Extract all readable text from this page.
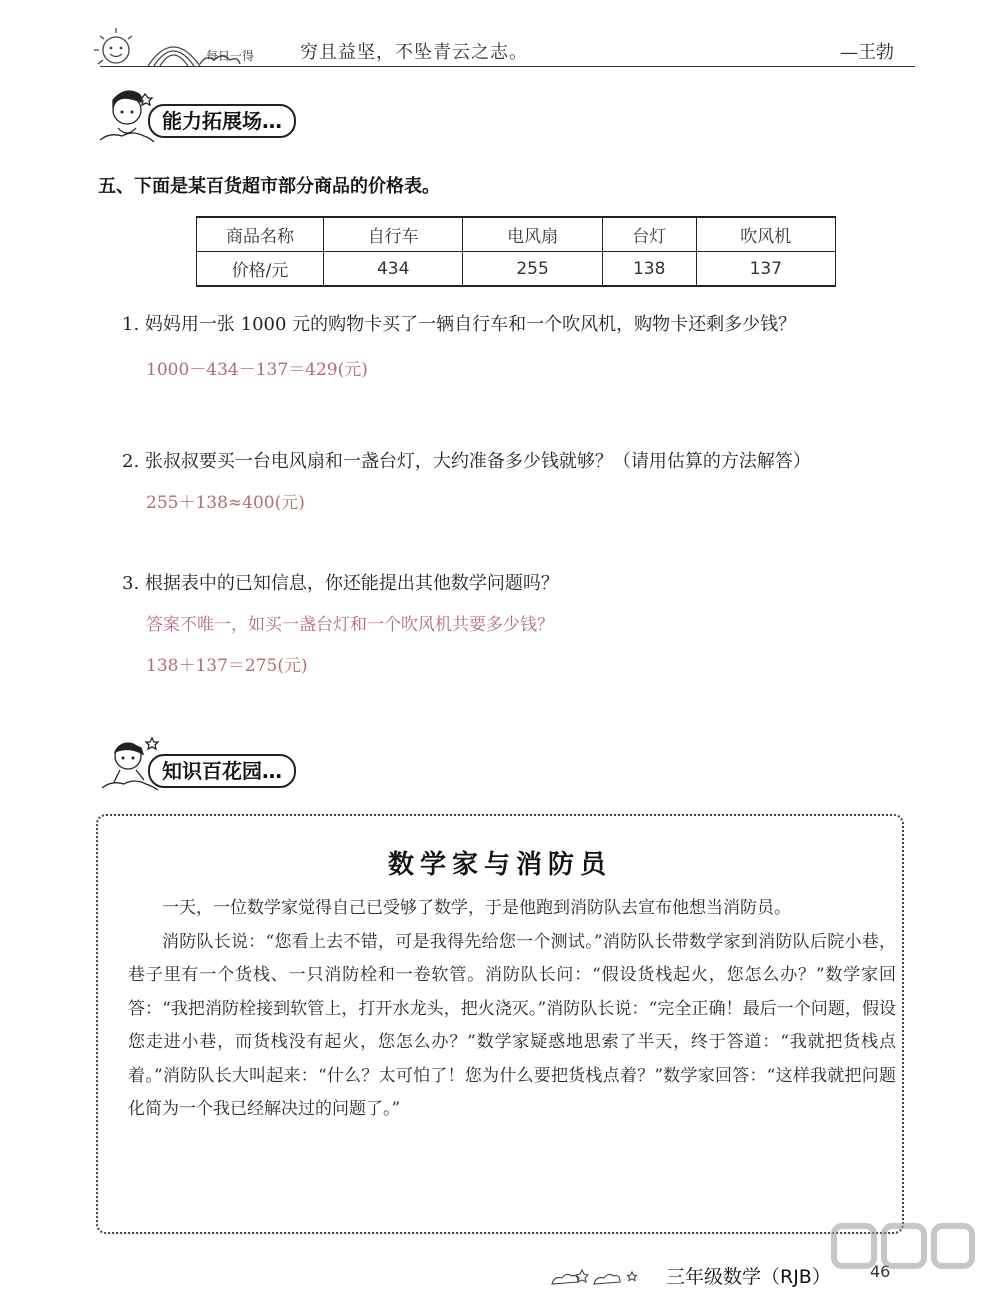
每日一得	穷且益坚，不坠青云之志。	—王勃
能力拓展场…
五、下面是某百货超市部分商品的价格表。
商品名称	自行车	电风扇	台灯	吹风机
价格/元	434	255	138	137
1. 妈妈用一张 1000 元的购物卡买了一辆自行车和一个吹风机，购物卡还剩多少钱？
1000－434－137＝429(元)
2. 张叔叔要买一台电风扇和一盏台灯，大约准备多少钱就够？（请用估算的方法解答）
255＋138≈400(元)
3. 根据表中的已知信息，你还能提出其他数学问题吗？
答案不唯一，如买一盏台灯和一个吹风机共要多少钱？
138＋137＝275(元)
知识百花园…
数学家与消防员

一天，一位数学家觉得自己已受够了数学，于是他跑到消防队去宣布他想当消防员。

消防队长说：“您看上去不错，可是我得先给您一个测试。”消防队长带数学家到消防队后院小巷，巷子里有一个货栈、一只消防栓和一卷软管。消防队长问：“假设货栈起火，您怎么办？”数学家回答：“我把消防栓接到软管上，打开水龙头，把火浇灭。”消防队长说：“完全正确！最后一个问题，假设您走进小巷，而货栈没有起火，您怎么办？”数学家疑惑地思索了半天，终于答道：“我就把货栈点着。”消防队长大叫起来：“什么？太可怕了！您为什么要把货栈点着？”数学家回答：“这样我就把问题化简为一个我已经解决过的问题了。”

三年级数学（RJB） 46
